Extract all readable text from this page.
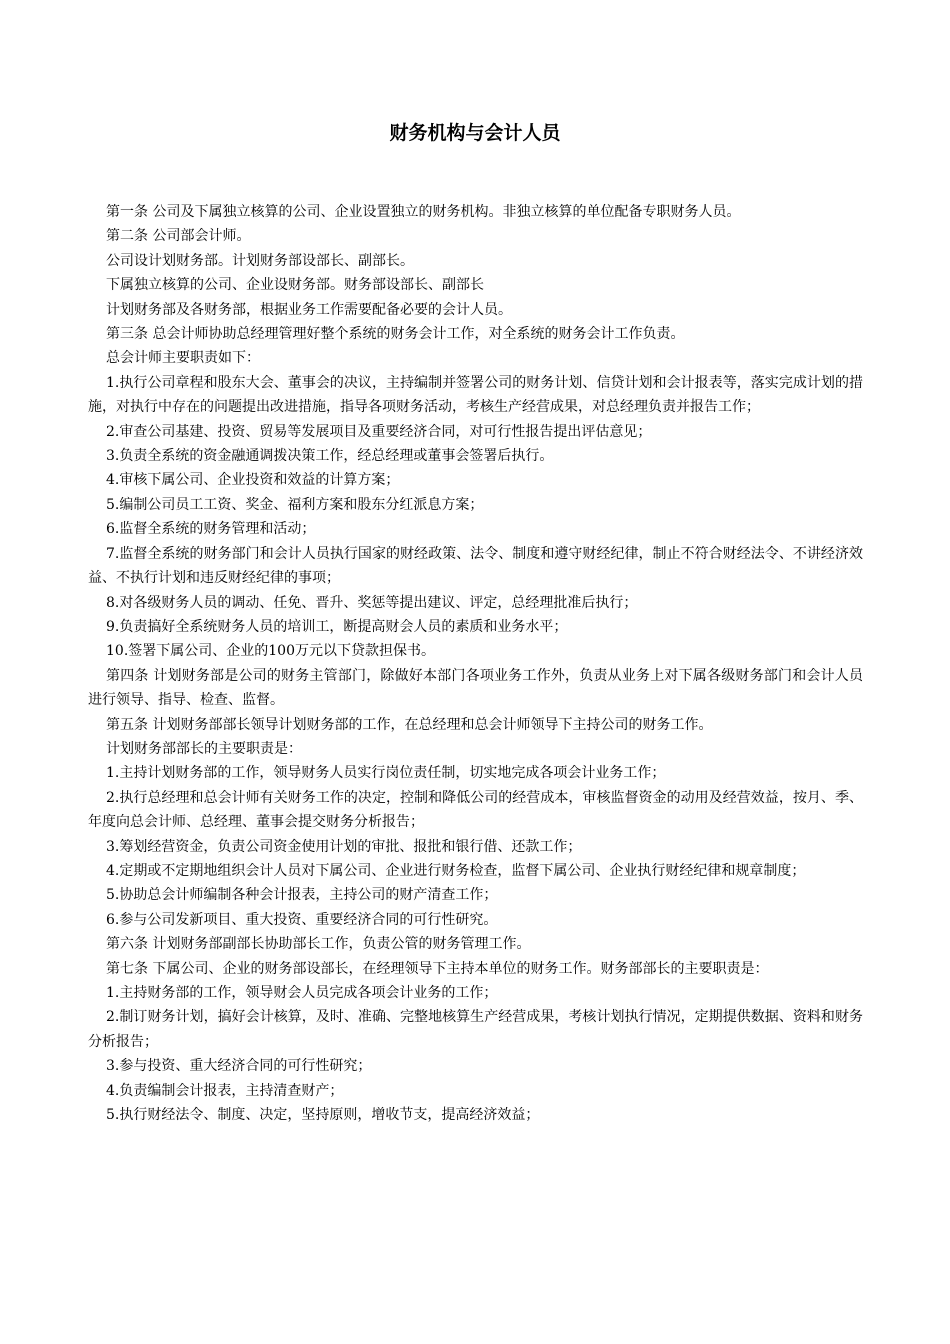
财务机构与会计人员

第一条 公司及下属独立核算的公司、企业设置独立的财务机构。非独立核算的单位配备专职财务人员。

第二条 公司部会计师。

公司设计划财务部。计划财务部设部长、副部长。

下属独立核算的公司、企业设财务部。财务部设部长、副部长

计划财务部及各财务部，根据业务工作需要配备必要的会计人员。

第三条 总会计师协助总经理管理好整个系统的财务会计工作，对全系统的财务会计工作负责。

总会计师主要职责如下：

1.执行公司章程和股东大会、董事会的决议，主持编制并签署公司的财务计划、信贷计划和会计报表等，落实完成计划的措施，对执行中存在的问题提出改进措施，指导各项财务活动，考核生产经营成果，对总经理负责并报告工作；

2.审查公司基建、投资、贸易等发展项目及重要经济合同，对可行性报告提出评估意见；

3.负责全系统的资金融通调拨决策工作，经总经理或董事会签署后执行。

4.审核下属公司、企业投资和效益的计算方案；

5.编制公司员工工资、奖金、福利方案和股东分红派息方案；

6.监督全系统的财务管理和活动；

7.监督全系统的财务部门和会计人员执行国家的财经政策、法令、制度和遵守财经纪律，制止不符合财经法令、不讲经济效益、不执行计划和违反财经纪律的事项；

8.对各级财务人员的调动、任免、晋升、奖惩等提出建议、评定，总经理批准后执行；

9.负责搞好全系统财务人员的培训工，断提高财会人员的素质和业务水平；

10.签署下属公司、企业的100万元以下贷款担保书。

第四条 计划财务部是公司的财务主管部门，除做好本部门各项业务工作外，负责从业务上对下属各级财务部门和会计人员进行领导、指导、检查、监督。

第五条 计划财务部部长领导计划财务部的工作，在总经理和总会计师领导下主持公司的财务工作。

计划财务部部长的主要职责是：

1.主持计划财务部的工作，领导财务人员实行岗位责任制，切实地完成各项会计业务工作；

2.执行总经理和总会计师有关财务工作的决定，控制和降低公司的经营成本，审核监督资金的动用及经营效益，按月、季、年度向总会计师、总经理、董事会提交财务分析报告；

3.筹划经营资金，负责公司资金使用计划的审批、报批和银行借、还款工作；

4.定期或不定期地组织会计人员对下属公司、企业进行财务检查，监督下属公司、企业执行财经纪律和规章制度；

5.协助总会计师编制各种会计报表，主持公司的财产清查工作；

6.参与公司发新项目、重大投资、重要经济合同的可行性研究。

第六条 计划财务部副部长协助部长工作，负责公管的财务管理工作。

第七条 下属公司、企业的财务部设部长，在经理领导下主持本单位的财务工作。财务部部长的主要职责是：

1.主持财务部的工作，领导财会人员完成各项会计业务的工作；

2.制订财务计划，搞好会计核算，及时、准确、完整地核算生产经营成果，考核计划执行情况，定期提供数据、资料和财务分析报告；

3.参与投资、重大经济合同的可行性研究；

4.负责编制会计报表，主持清查财产；

5.执行财经法令、制度、决定，坚持原则，增收节支，提高经济效益；
